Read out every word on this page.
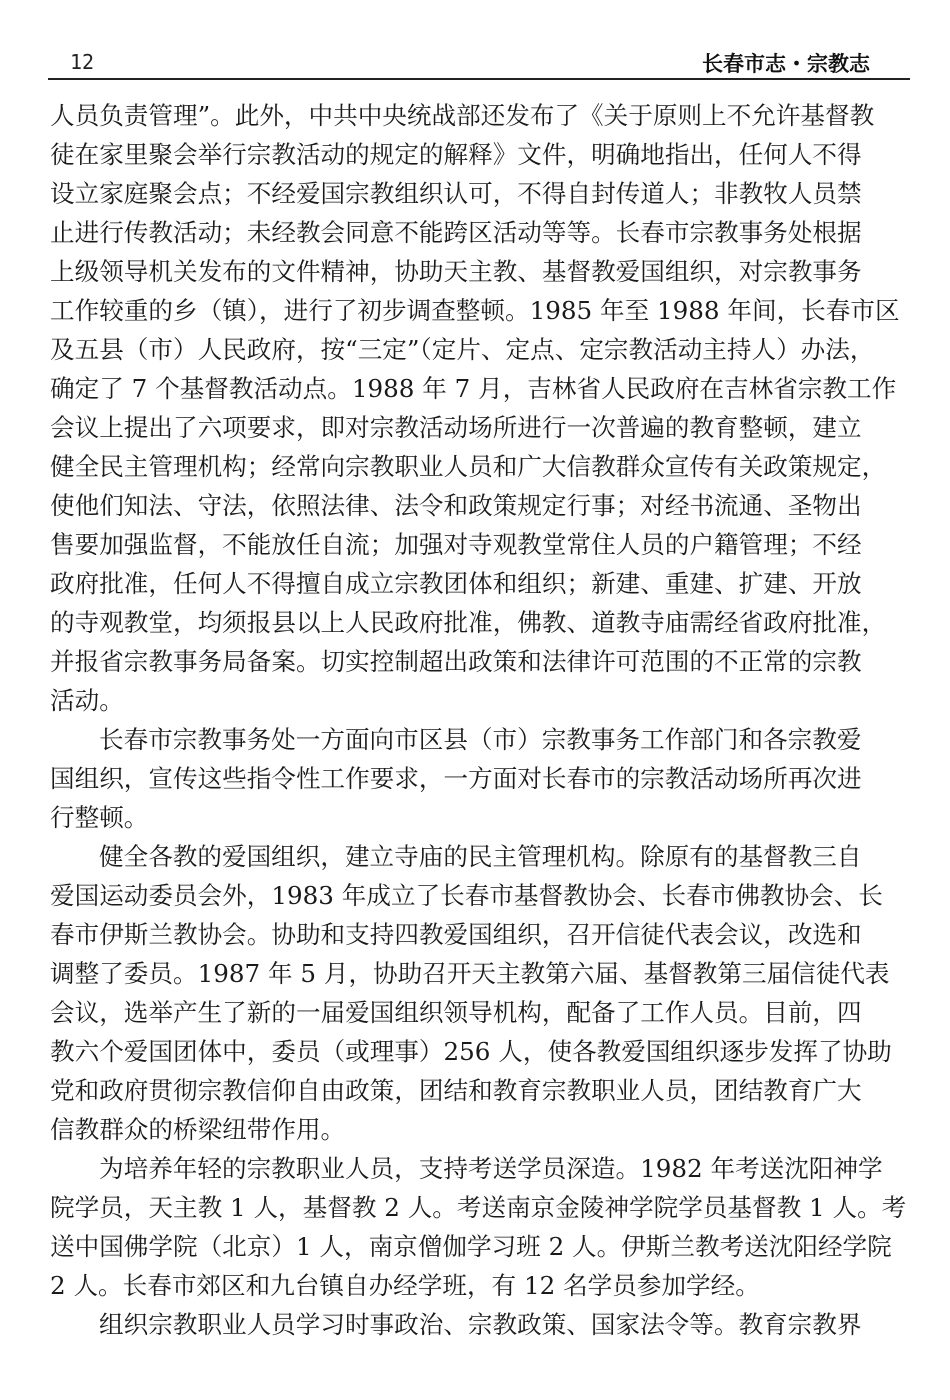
12	长春市志・宗教志
人员负责管理”。此外，中共中央统战部还发布了《关于原则上不允许基督教
徒在家里聚会举行宗教活动的规定的解释》文件，明确地指出，任何人不得
设立家庭聚会点；不经爱国宗教组织认可，不得自封传道人；非教牧人员禁
止进行传教活动；未经教会同意不能跨区活动等等。长春市宗教事务处根据
上级领导机关发布的文件精神，协助天主教、基督教爱国组织，对宗教事务
工作较重的乡（镇），进行了初步调查整顿。1985 年至 1988 年间，长春市区
及五县（市）人民政府，按“三定”（定片、定点、定宗教活动主持人）办法，
确定了 7 个基督教活动点。1988 年 7 月，吉林省人民政府在吉林省宗教工作
会议上提出了六项要求，即对宗教活动场所进行一次普遍的教育整顿，建立
健全民主管理机构；经常向宗教职业人员和广大信教群众宣传有关政策规定，
使他们知法、守法，依照法律、法令和政策规定行事；对经书流通、圣物出
售要加强监督，不能放任自流；加强对寺观教堂常住人员的户籍管理；不经
政府批准，任何人不得擅自成立宗教团体和组织；新建、重建、扩建、开放
的寺观教堂，均须报县以上人民政府批准，佛教、道教寺庙需经省政府批准，
并报省宗教事务局备案。切实控制超出政策和法律许可范围的不正常的宗教
活动。
长春市宗教事务处一方面向市区县（市）宗教事务工作部门和各宗教爱
国组织，宣传这些指令性工作要求，一方面对长春市的宗教活动场所再次进
行整顿。
健全各教的爱国组织，建立寺庙的民主管理机构。除原有的基督教三自
爱国运动委员会外，1983 年成立了长春市基督教协会、长春市佛教协会、长
春市伊斯兰教协会。协助和支持四教爱国组织，召开信徒代表会议，改选和
调整了委员。1987 年 5 月，协助召开天主教第六届、基督教第三届信徒代表
会议，选举产生了新的一届爱国组织领导机构，配备了工作人员。目前，四
教六个爱国团体中，委员（或理事）256 人，使各教爱国组织逐步发挥了协助
党和政府贯彻宗教信仰自由政策，团结和教育宗教职业人员，团结教育广大
信教群众的桥梁纽带作用。
为培养年轻的宗教职业人员，支持考送学员深造。1982 年考送沈阳神学
院学员，天主教 1 人，基督教 2 人。考送南京金陵神学院学员基督教 1 人。考
送中国佛学院（北京）1 人，南京僧伽学习班 2 人。伊斯兰教考送沈阳经学院
2 人。长春市郊区和九台镇自办经学班，有 12 名学员参加学经。
组织宗教职业人员学习时事政治、宗教政策、国家法令等。教育宗教界
